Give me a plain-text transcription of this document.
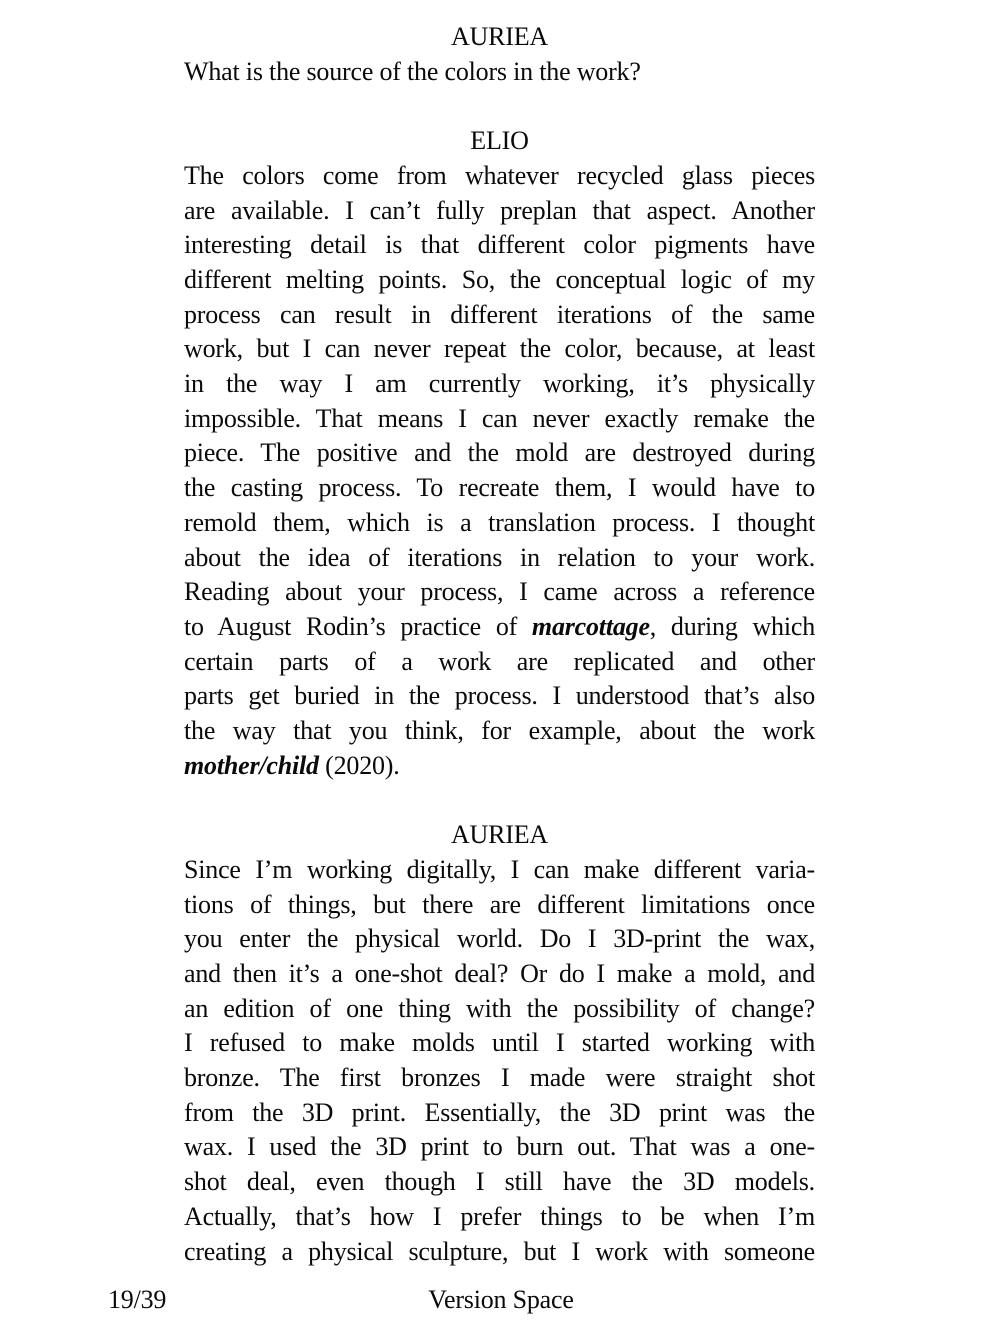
AURIEA
What is the source of the colors in the work?
ELIO
The colors come from whatever recycled glass pieces
are available. I can’t fully preplan that aspect. Another
interesting detail is that different color pigments have
different melting points. So, the conceptual logic of my
process can result in different iterations of the same
work, but I can never repeat the color, because, at least
in the way I am currently working, it’s physically
impossible. That means I can never exactly remake the
piece. The positive and the mold are destroyed during
the casting process. To recreate them, I would have to
remold them, which is a translation process. I thought
about the idea of iterations in relation to your work.
Reading about your process, I came across a reference
to August Rodin’s practice of marcottage, during which
certain parts of a work are replicated and other
parts get buried in the process. I understood that’s also
the way that you think, for example, about the work
mother/child (2020).
AURIEA
Since I’m working digitally, I can make different varia-
tions of things, but there are different limitations once
you enter the physical world. Do I 3D-print the wax,
and then it’s a one-shot deal? Or do I make a mold, and
an edition of one thing with the possibility of change?
I refused to make molds until I started working with
bronze. The first bronzes I made were straight shot
from the 3D print. Essentially, the 3D print was the
wax. I used the 3D print to burn out. That was a one-
shot deal, even though I still have the 3D models.
Actually, that’s how I prefer things to be when I’m
creating a physical sculpture, but I work with someone
19/39	Version Space
